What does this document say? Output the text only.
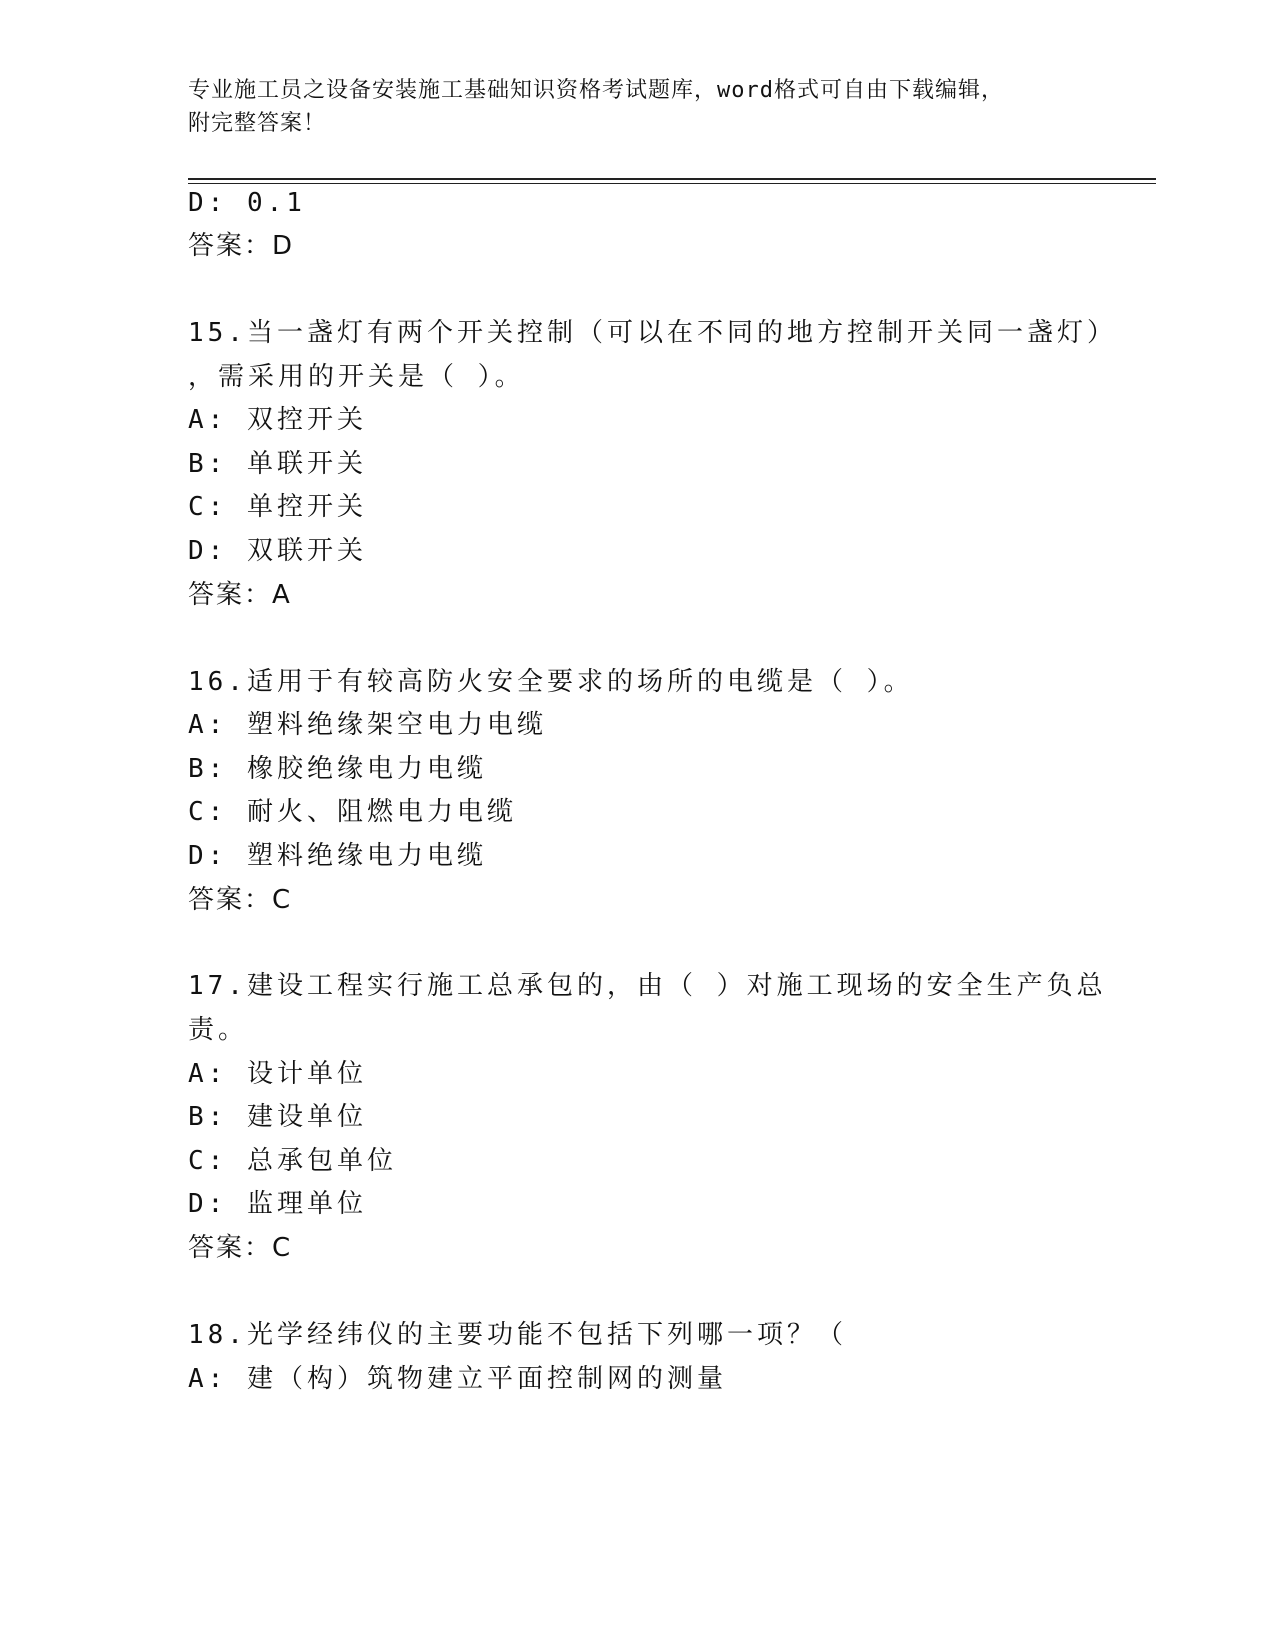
专业施工员之设备安装施工基础知识资格考试题库，word格式可自由下载编辑，
附完整答案！
D: 0.1
答案：D
15.当一盏灯有两个开关控制（可以在不同的地方控制开关同一盏灯）
，需采用的开关是（ ）。
A: 双控开关
B: 单联开关
C: 单控开关
D: 双联开关
答案：A
16.适用于有较高防火安全要求的场所的电缆是（ ）。
A: 塑料绝缘架空电力电缆
B: 橡胶绝缘电力电缆
C: 耐火、阻燃电力电缆
D: 塑料绝缘电力电缆
答案：C
17.建设工程实行施工总承包的，由（ ）对施工现场的安全生产负总
责。
A: 设计单位
B: 建设单位
C: 总承包单位
D: 监理单位
答案：C
18.光学经纬仪的主要功能不包括下列哪一项？（
A: 建（构）筑物建立平面控制网的测量
